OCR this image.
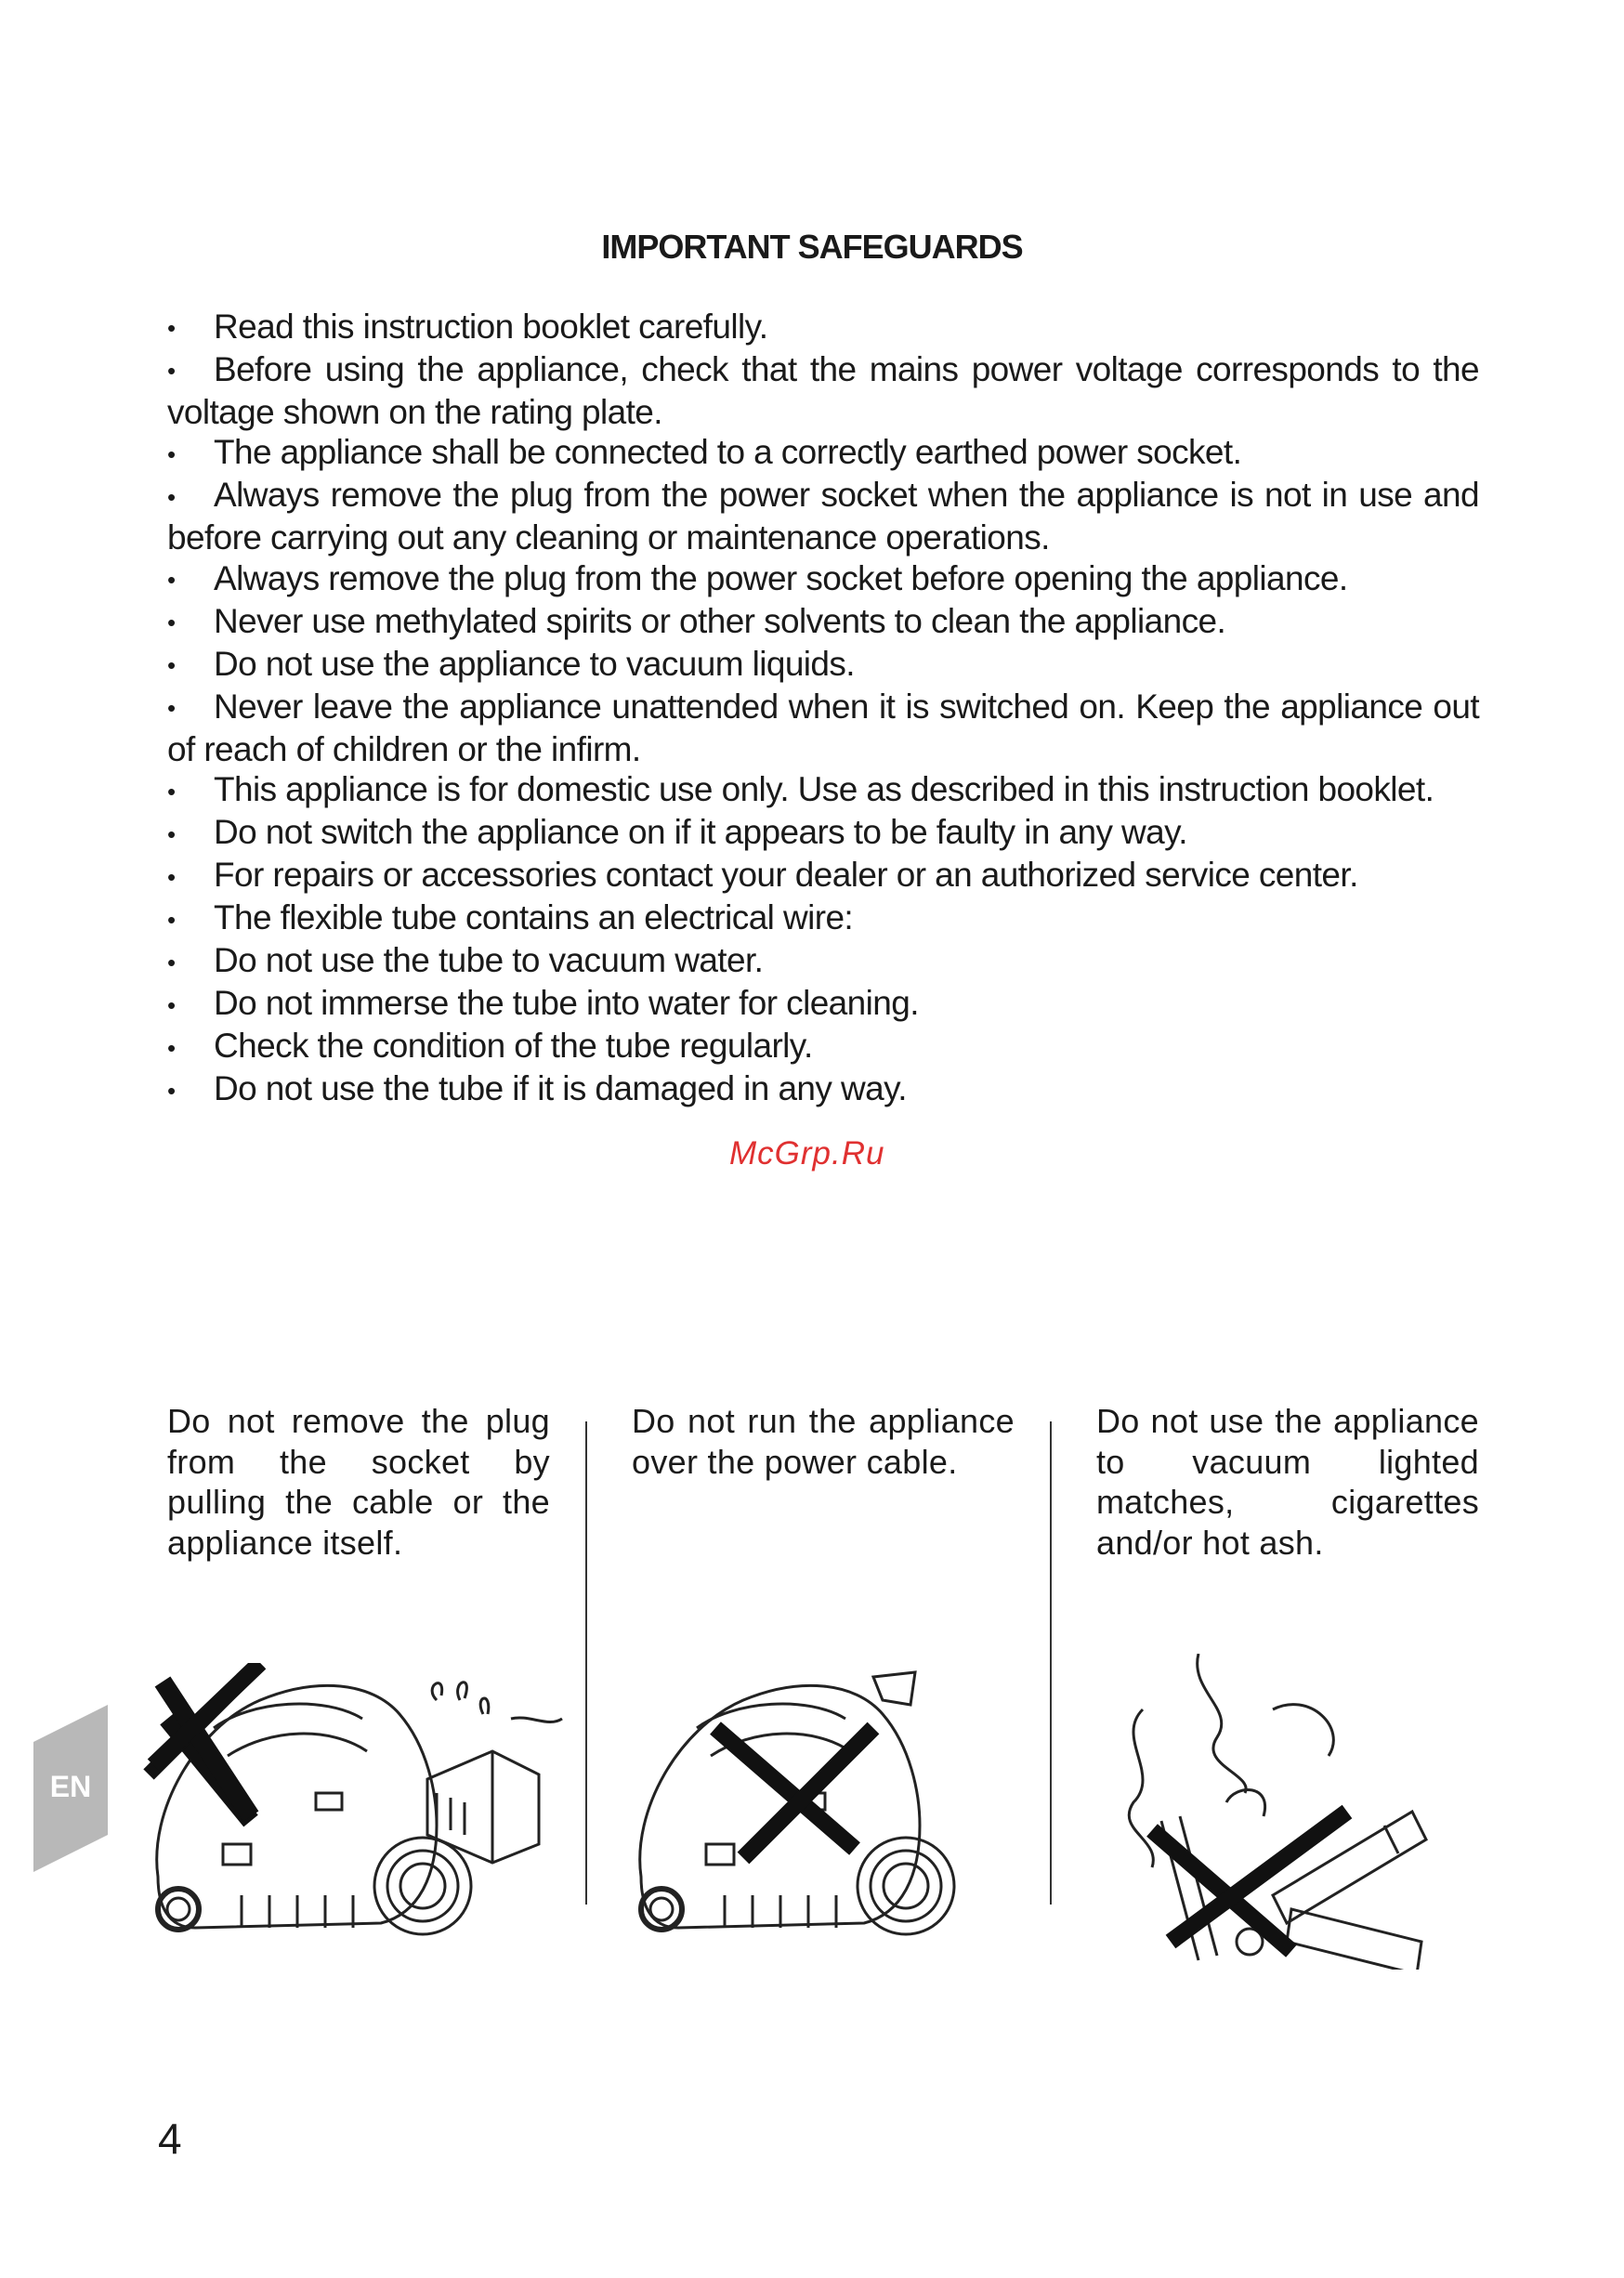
IMPORTANT SAFEGUARDS
• Read this instruction booklet carefully.
• Before using the appliance, check that the mains power voltage corresponds to the voltage shown on the rating plate.
• The appliance shall be connected to a correctly earthed power socket.
• Always remove the plug from the power socket when the appliance is not in use and before carrying out any cleaning or maintenance operations.
• Always remove the plug from the power socket before opening the appliance.
• Never use methylated spirits or other solvents to clean the appliance.
• Do not use the appliance to vacuum liquids.
• Never leave the appliance unattended when it is switched on. Keep the appliance out of reach of children or the infirm.
• This appliance is for domestic use only. Use as described in this instruction booklet.
• Do not switch the appliance on if it appears to be faulty in any way.
• For repairs or accessories contact your dealer or an authorized service center.
• The flexible tube contains an electrical wire:
• Do not use the tube to vacuum water.
• Do not immerse the tube into water for cleaning.
• Check the condition of the tube regularly.
• Do not use the tube if it is damaged in any way.
McGrp.Ru
Do not remove the plug from the socket by pulling the cable or the appliance itself.
Do not run the appliance over the power cable.
Do not use the appliance to vacuum lighted matches, cigarettes and/or hot ash.
EN
4
